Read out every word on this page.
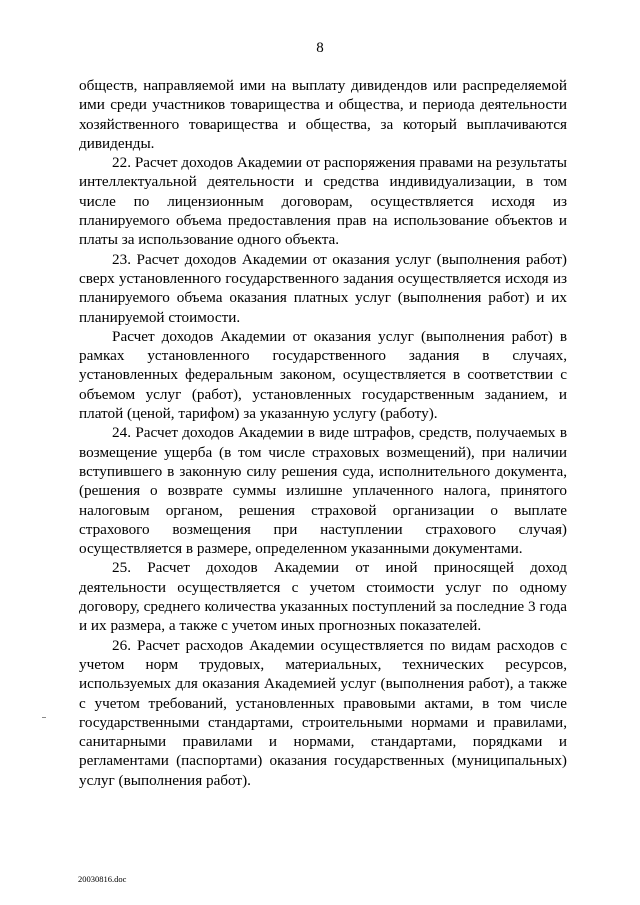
8

обществ, направляемой ими на выплату дивидендов или распределяемой ими среди участников товарищества и общества, и периода деятельности хозяйственного товарищества и общества, за который выплачиваются дивиденды.

22. Расчет доходов Академии от распоряжения правами на результаты интеллектуальной деятельности и средства индивидуализации, в том числе по лицензионным договорам, осуществляется исходя из планируемого объема предоставления прав на использование объектов и платы за использование одного объекта.

23. Расчет доходов Академии от оказания услуг (выполнения работ) сверх установленного государственного задания осуществляется исходя из планируемого объема оказания платных услуг (выполнения работ) и их планируемой стоимости.

Расчет доходов Академии от оказания услуг (выполнения работ) в рамках установленного государственного задания в случаях, установленных федеральным законом, осуществляется в соответствии с объемом услуг (работ), установленных государственным заданием, и платой (ценой, тарифом) за указанную услугу (работу).

24. Расчет доходов Академии в виде штрафов, средств, получаемых в возмещение ущерба (в том числе страховых возмещений), при наличии вступившего в законную силу решения суда, исполнительного документа, (решения о возврате суммы излишне уплаченного налога, принятого налоговым органом, решения страховой организации о выплате страхового возмещения при наступлении страхового случая) осуществляется в размере, определенном указанными документами.

25. Расчет доходов Академии от иной приносящей доход деятельности осуществляется с учетом стоимости услуг по одному договору, среднего количества указанных поступлений за последние 3 года и их размера, а также с учетом иных прогнозных показателей.

26. Расчет расходов Академии осуществляется по видам расходов с учетом норм трудовых, материальных, технических ресурсов, используемых для оказания Академией услуг (выполнения работ), а также с учетом требований, установленных правовыми актами, в том числе государственными стандартами, строительными нормами и правилами, санитарными правилами и нормами, стандартами, порядками и регламентами (паспортами) оказания государственных (муниципальных) услуг (выполнения работ).

20030816.doc
